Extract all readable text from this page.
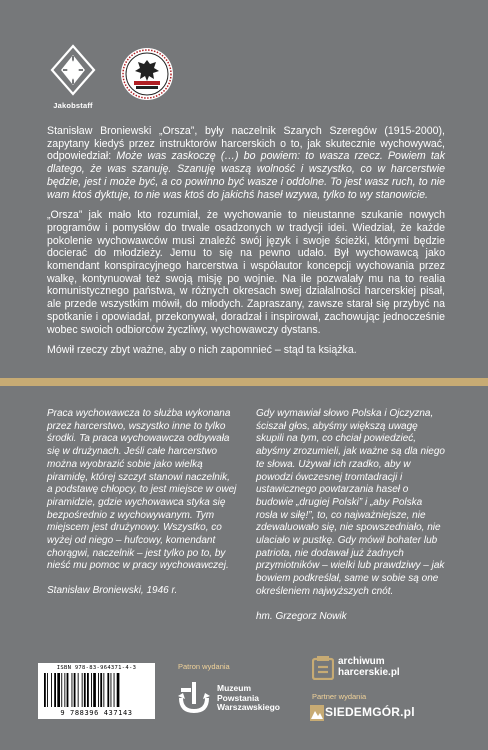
Jakobstaff

Stanisław Broniewski „Orsza”, były naczelnik Szarych Szeregów (1915-2000), zapytany kiedyś przez instruktorów harcerskich o to, jak skutecznie wychowywać, odpowiedział: Może was zaskoczę (…) bo powiem: to wasza rzecz. Powiem tak dlatego, że was szanuję. Szanuję waszą wolność i wszystko, co w harcerstwie będzie, jest i może być, a co powinno być wasze i oddolne. To jest wasz ruch, to nie wam ktoś dyktuje, to nie was ktoś do jakichś haseł wzywa, tylko to wy stanowicie.

„Orsza” jak mało kto rozumiał, że wychowanie to nieustanne szukanie nowych programów i pomysłów do trwale osadzonych w tradycji idei. Wiedział, że każde pokolenie wychowawców musi znaleźć swój język i swoje ścieżki, którymi będzie docierać do młodzieży. Jemu to się na pewno udało. Był wychowawcą jako komendant konspiracyjnego harcerstwa i współautor koncepcji wychowania przez walkę, kontynuował też swoją misję po wojnie. Na ile pozwalały mu na to realia komunistycznego państwa, w różnych okresach swej działalności harcerskiej pisał, ale przede wszystkim mówił, do młodych. Zapraszany, zawsze starał się przybyć na spotkanie i opowiadał, przekonywał, doradzał i inspirował, zachowując jednocześnie wobec swoich odbiorców życzliwy, wychowawczy dystans.

Mówił rzeczy zbyt ważne, aby o nich zapomnieć – stąd ta książka.

Praca wychowawcza to służba wykonana przez harcerstwo, wszystko inne to tylko środki. Ta praca wychowawcza odbywała się w drużynach. Jeśli całe harcerstwo można wyobrazić sobie jako wielką piramidę, której szczyt stanowi naczelnik, a podstawę chłopcy, to jest miejsce w owej piramidzie, gdzie wychowawca styka się bezpośrednio z wychowywanym. Tym miejscem jest drużynowy. Wszystko, co wyżej od niego – hufcowy, komendant chorągwi, naczelnik – jest tylko po to, by nieść mu pomoc w pracy wychowawczej.
Stanisław Broniewski, 1946 r.
Gdy wymawiał słowo Polska i Ojczyzna, ściszał głos, abyśmy większą uwagę skupili na tym, co chciał powiedzieć, abyśmy zrozumieli, jak ważne są dla niego te słowa. Używał ich rzadko, aby w powodzi ówczesnej tromtadracji i ustawicznego powtarzania haseł o budowie „drugiej Polski” i „aby Polska rosła w siłę!”, to, co najważniejsze, nie zdewaluowało się, nie spowszedniało, nie ulaciało w pustkę. Gdy mówił bohater lub patriota, nie dodawał już żadnych przymiotników – wielki lub prawdziwy – jak bowiem podkreślał, same w sobie są one określeniem najwyższych cnót.
hm. Grzegorz Nowik
ISBN 978-83-964371-4-3
9 788396 437143
Patron wydania
Muzeum
Powstania
Warszawskiego
archiwum
harcerskie.pl
Partner wydania
SIEDEMGÓR.pl
